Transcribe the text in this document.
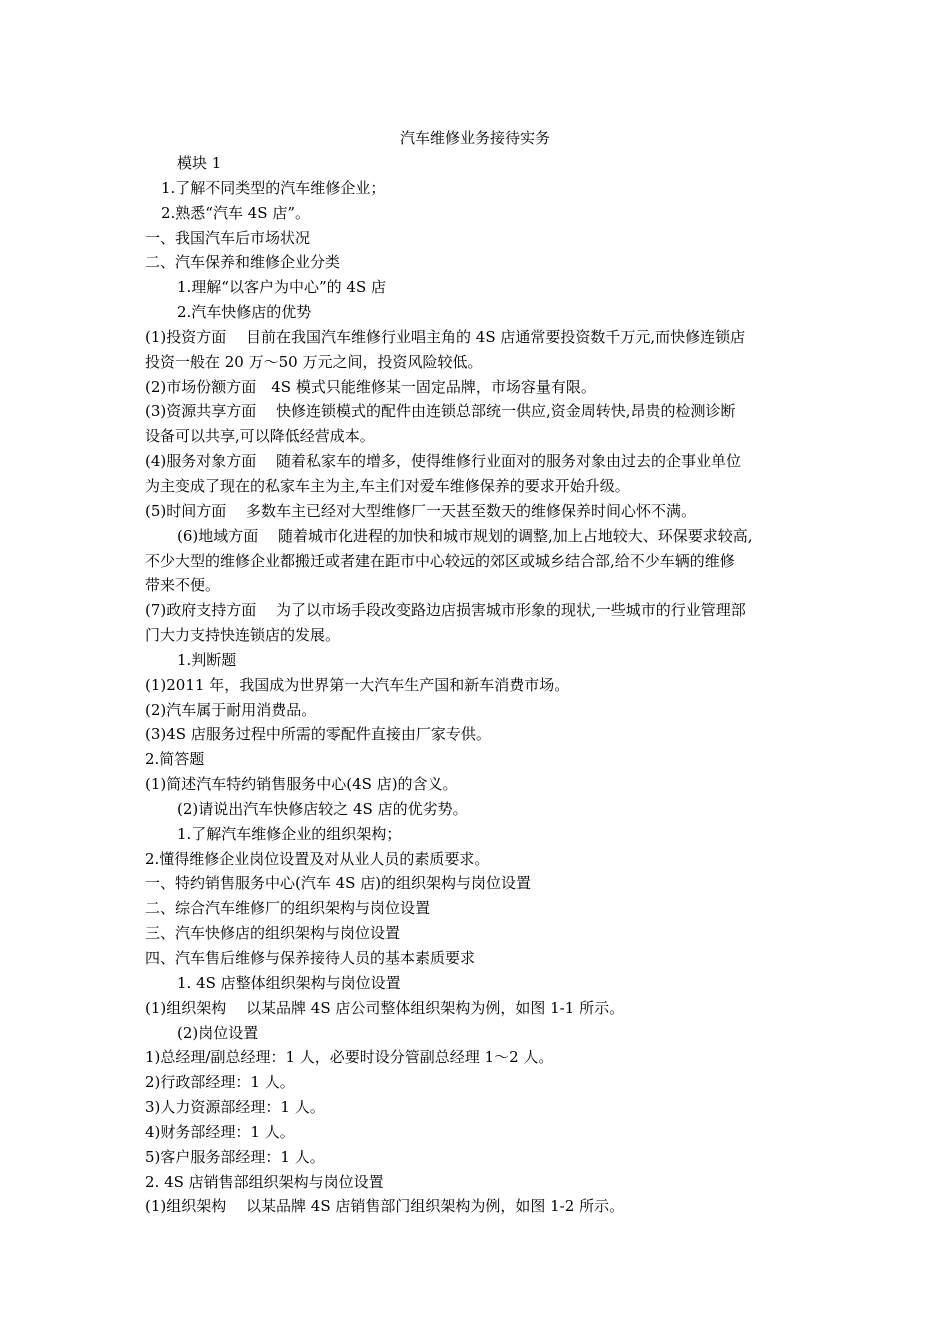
汽车维修业务接待实务
模块 1
1.了解不同类型的汽车维修企业；
2.熟悉“汽车 4S 店”。
一、我国汽车后市场状况
二、汽车保养和维修企业分类
1.理解“以客户为中心”的 4S 店
2.汽车快修店的优势
(1)投资方面　 目前在我国汽车维修行业唱主角的 4S 店通常要投资数千万元,而快修连锁店
投资一般在 20 万～50 万元之间，投资风险较低。
(2)市场份额方面　4S 模式只能维修某一固定品牌，市场容量有限。
(3)资源共享方面　 快修连锁模式的配件由连锁总部统一供应,资金周转快,昂贵的检测诊断
设备可以共享,可以降低经营成本。
(4)服务对象方面　 随着私家车的增多，使得维修行业面对的服务对象由过去的企事业单位
为主变成了现在的私家车主为主,车主们对爱车维修保养的要求开始升级。
(5)时间方面　 多数车主已经对大型维修厂一天甚至数天的维修保养时间心怀不满。
(6)地域方面　 随着城市化进程的加快和城市规划的调整,加上占地较大、环保要求较高,
不少大型的维修企业都搬迁或者建在距市中心较远的郊区或城乡结合部,给不少车辆的维修
带来不便。
(7)政府支持方面　 为了以市场手段改变路边店损害城市形象的现状,一些城市的行业管理部
门大力支持快连锁店的发展。
1.判断题
(1)2011 年，我国成为世界第一大汽车生产国和新车消费市场。
(2)汽车属于耐用消费品。
(3)4S 店服务过程中所需的零配件直接由厂家专供。
2.简答题
(1)简述汽车特约销售服务中心(4S 店)的含义。
(2)请说出汽车快修店较之 4S 店的优劣势。
1.了解汽车维修企业的组织架构；
2.懂得维修企业岗位设置及对从业人员的素质要求。
一、特约销售服务中心(汽车 4S 店)的组织架构与岗位设置
二、综合汽车维修厂的组织架构与岗位设置
三、汽车快修店的组织架构与岗位设置
四、汽车售后维修与保养接待人员的基本素质要求
1. 4S 店整体组织架构与岗位设置
(1)组织架构　 以某品牌 4S 店公司整体组织架构为例，如图 1-1 所示。
(2)岗位设置
1)总经理/副总经理：1 人，必要时设分管副总经理 1～2 人。
2)行政部经理：1 人。
3)人力资源部经理：1 人。
4)财务部经理：1 人。
5)客户服务部经理：1 人。
2. 4S 店销售部组织架构与岗位设置
(1)组织架构　 以某品牌 4S 店销售部门组织架构为例，如图 1-2 所示。
